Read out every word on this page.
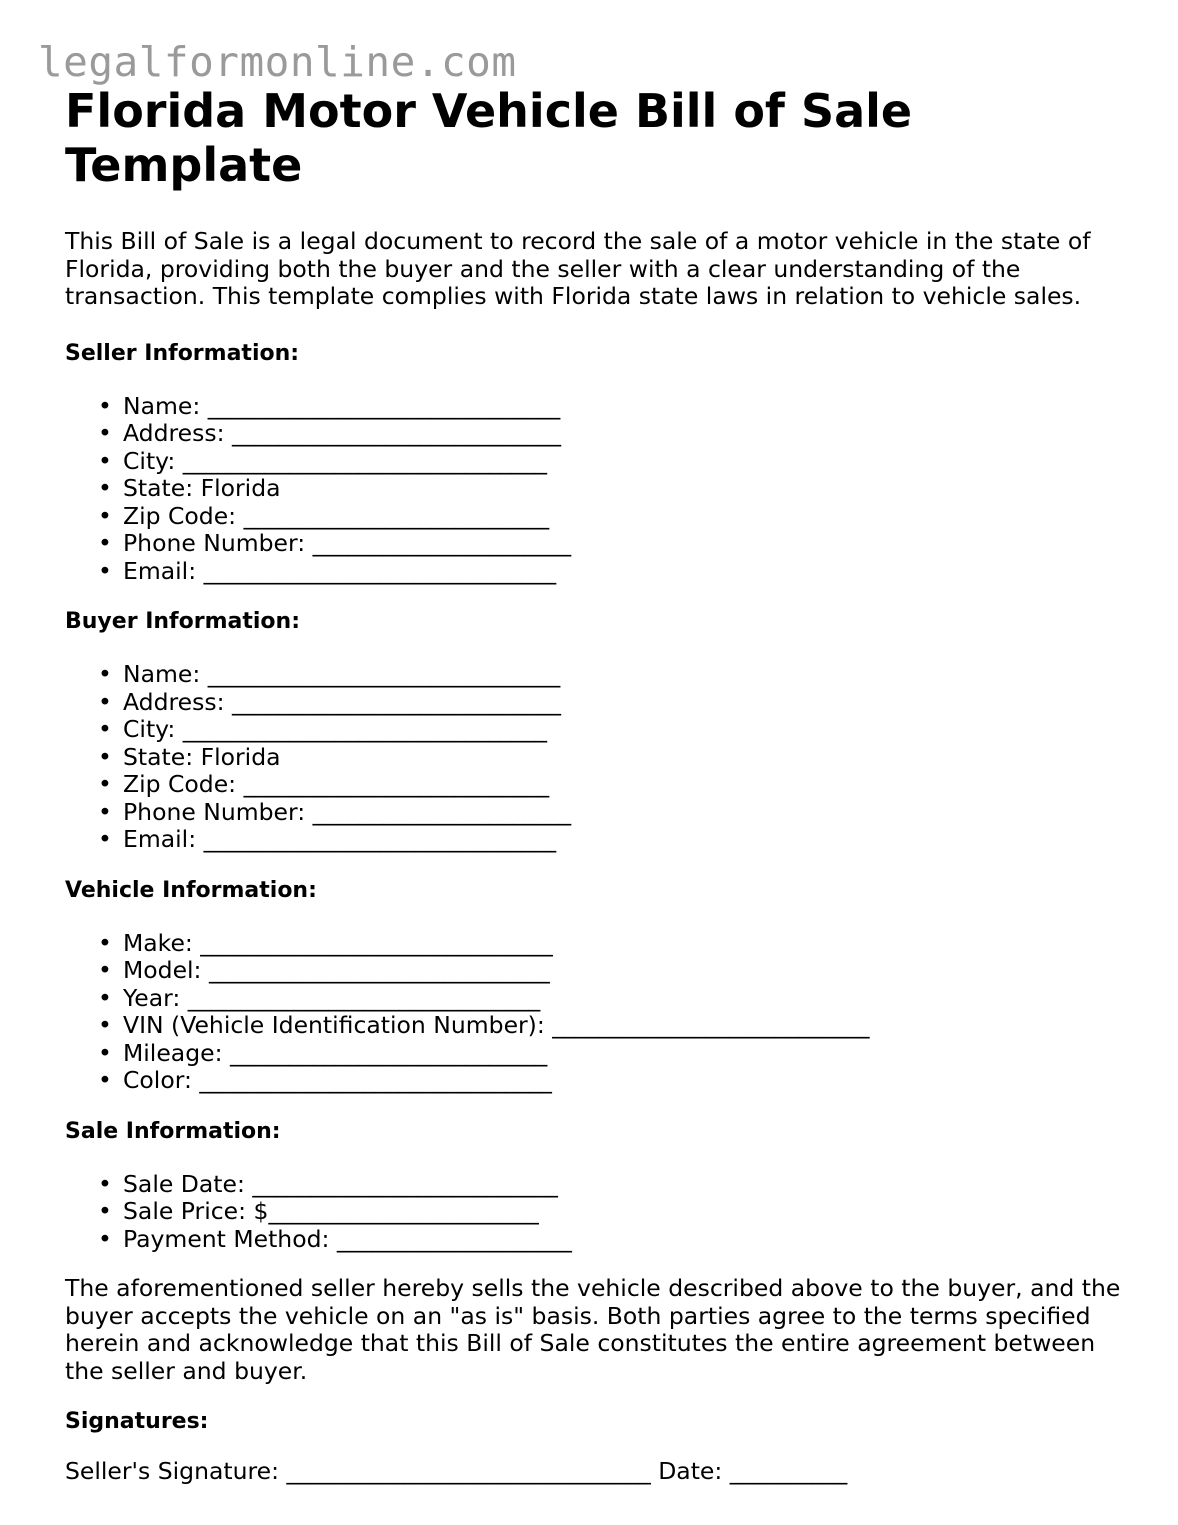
legalformonline.com
Florida Motor Vehicle Bill of Sale Template

This Bill of Sale is a legal document to record the sale of a motor vehicle in the state of Florida, providing both the buyer and the seller with a clear understanding of the transaction. This template complies with Florida state laws in relation to vehicle sales.

Seller Information:
• Name: ______________________________
• Address: ____________________________
• City: _______________________________
• State: Florida
• Zip Code: __________________________
• Phone Number: ______________________
• Email: ______________________________
Buyer Information:
• Name: ______________________________
• Address: ____________________________
• City: _______________________________
• State: Florida
• Zip Code: __________________________
• Phone Number: ______________________
• Email: ______________________________
Vehicle Information:
• Make: ______________________________
• Model: _____________________________
• Year: ______________________________
• VIN (Vehicle Identification Number): ___________________________
• Mileage: ___________________________
• Color: ______________________________
Sale Information:
• Sale Date: __________________________
• Sale Price: $_______________________
• Payment Method: ____________________

The aforementioned seller hereby sells the vehicle described above to the buyer, and the buyer accepts the vehicle on an "as is" basis. Both parties agree to the terms specified herein and acknowledge that this Bill of Sale constitutes the entire agreement between the seller and buyer.

Signatures:

Seller's Signature: _______________________________ Date: __________
